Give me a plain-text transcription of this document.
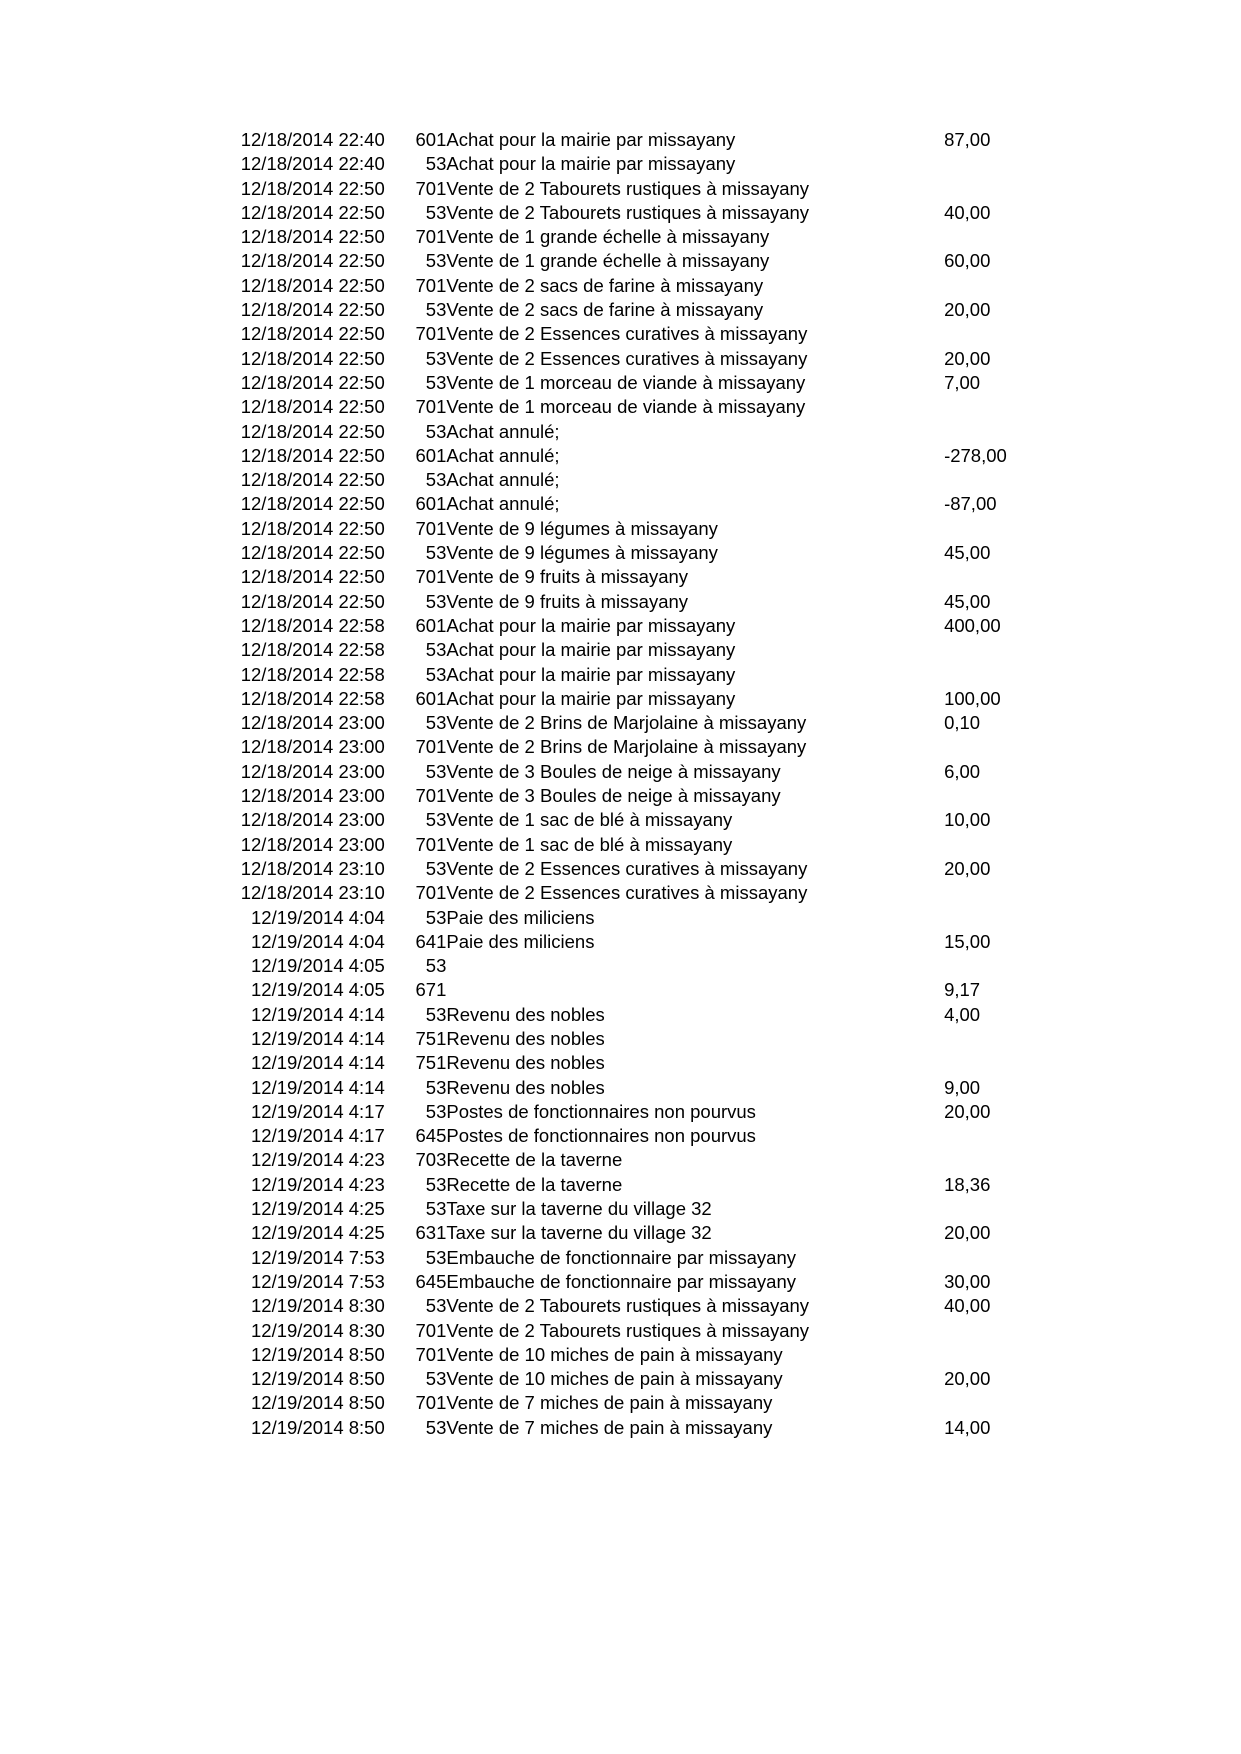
12/18/2014 22:40	601	Achat pour la mairie par missayany	87,00
12/18/2014 22:40	53	Achat pour la mairie par missayany	
12/18/2014 22:50	701	Vente de 2 Tabourets rustiques à missayany	
12/18/2014 22:50	53	Vente de 2 Tabourets rustiques à missayany	40,00
12/18/2014 22:50	701	Vente de 1 grande échelle à missayany	
12/18/2014 22:50	53	Vente de 1 grande échelle à missayany	60,00
12/18/2014 22:50	701	Vente de 2 sacs de farine à missayany	
12/18/2014 22:50	53	Vente de 2 sacs de farine à missayany	20,00
12/18/2014 22:50	701	Vente de 2 Essences curatives à missayany	
12/18/2014 22:50	53	Vente de 2 Essences curatives à missayany	20,00
12/18/2014 22:50	53	Vente de 1 morceau de viande à missayany	7,00
12/18/2014 22:50	701	Vente de 1 morceau de viande à missayany	
12/18/2014 22:50	53	Achat annulé;	
12/18/2014 22:50	601	Achat annulé;	-278,00
12/18/2014 22:50	53	Achat annulé;	
12/18/2014 22:50	601	Achat annulé;	-87,00
12/18/2014 22:50	701	Vente de 9 légumes à missayany	
12/18/2014 22:50	53	Vente de 9 légumes à missayany	45,00
12/18/2014 22:50	701	Vente de 9 fruits à missayany	
12/18/2014 22:50	53	Vente de 9 fruits à missayany	45,00
12/18/2014 22:58	601	Achat pour la mairie par missayany	400,00
12/18/2014 22:58	53	Achat pour la mairie par missayany	
12/18/2014 22:58	53	Achat pour la mairie par missayany	
12/18/2014 22:58	601	Achat pour la mairie par missayany	100,00
12/18/2014 23:00	53	Vente de 2 Brins de Marjolaine à missayany	0,10
12/18/2014 23:00	701	Vente de 2 Brins de Marjolaine à missayany	
12/18/2014 23:00	53	Vente de 3 Boules de neige à missayany	6,00
12/18/2014 23:00	701	Vente de 3 Boules de neige à missayany	
12/18/2014 23:00	53	Vente de 1 sac de blé à missayany	10,00
12/18/2014 23:00	701	Vente de 1 sac de blé à missayany	
12/18/2014 23:10	53	Vente de 2 Essences curatives à missayany	20,00
12/18/2014 23:10	701	Vente de 2 Essences curatives à missayany	
12/19/2014 4:04	53	Paie des miliciens	
12/19/2014 4:04	641	Paie des miliciens	15,00
12/19/2014 4:05	53		
12/19/2014 4:05	671		9,17
12/19/2014 4:14	53	Revenu des nobles	4,00
12/19/2014 4:14	751	Revenu des nobles	
12/19/2014 4:14	751	Revenu des nobles	
12/19/2014 4:14	53	Revenu des nobles	9,00
12/19/2014 4:17	53	Postes de fonctionnaires non pourvus	20,00
12/19/2014 4:17	645	Postes de fonctionnaires non pourvus	
12/19/2014 4:23	703	Recette de la taverne	
12/19/2014 4:23	53	Recette de la taverne	18,36
12/19/2014 4:25	53	Taxe sur la taverne du village 32	
12/19/2014 4:25	631	Taxe sur la taverne du village 32	20,00
12/19/2014 7:53	53	Embauche de fonctionnaire par missayany	
12/19/2014 7:53	645	Embauche de fonctionnaire par missayany	30,00
12/19/2014 8:30	53	Vente de 2 Tabourets rustiques à missayany	40,00
12/19/2014 8:30	701	Vente de 2 Tabourets rustiques à missayany	
12/19/2014 8:50	701	Vente de 10 miches de pain à missayany	
12/19/2014 8:50	53	Vente de 10 miches de pain à missayany	20,00
12/19/2014 8:50	701	Vente de 7 miches de pain à missayany	
12/19/2014 8:50	53	Vente de 7 miches de pain à missayany	14,00
